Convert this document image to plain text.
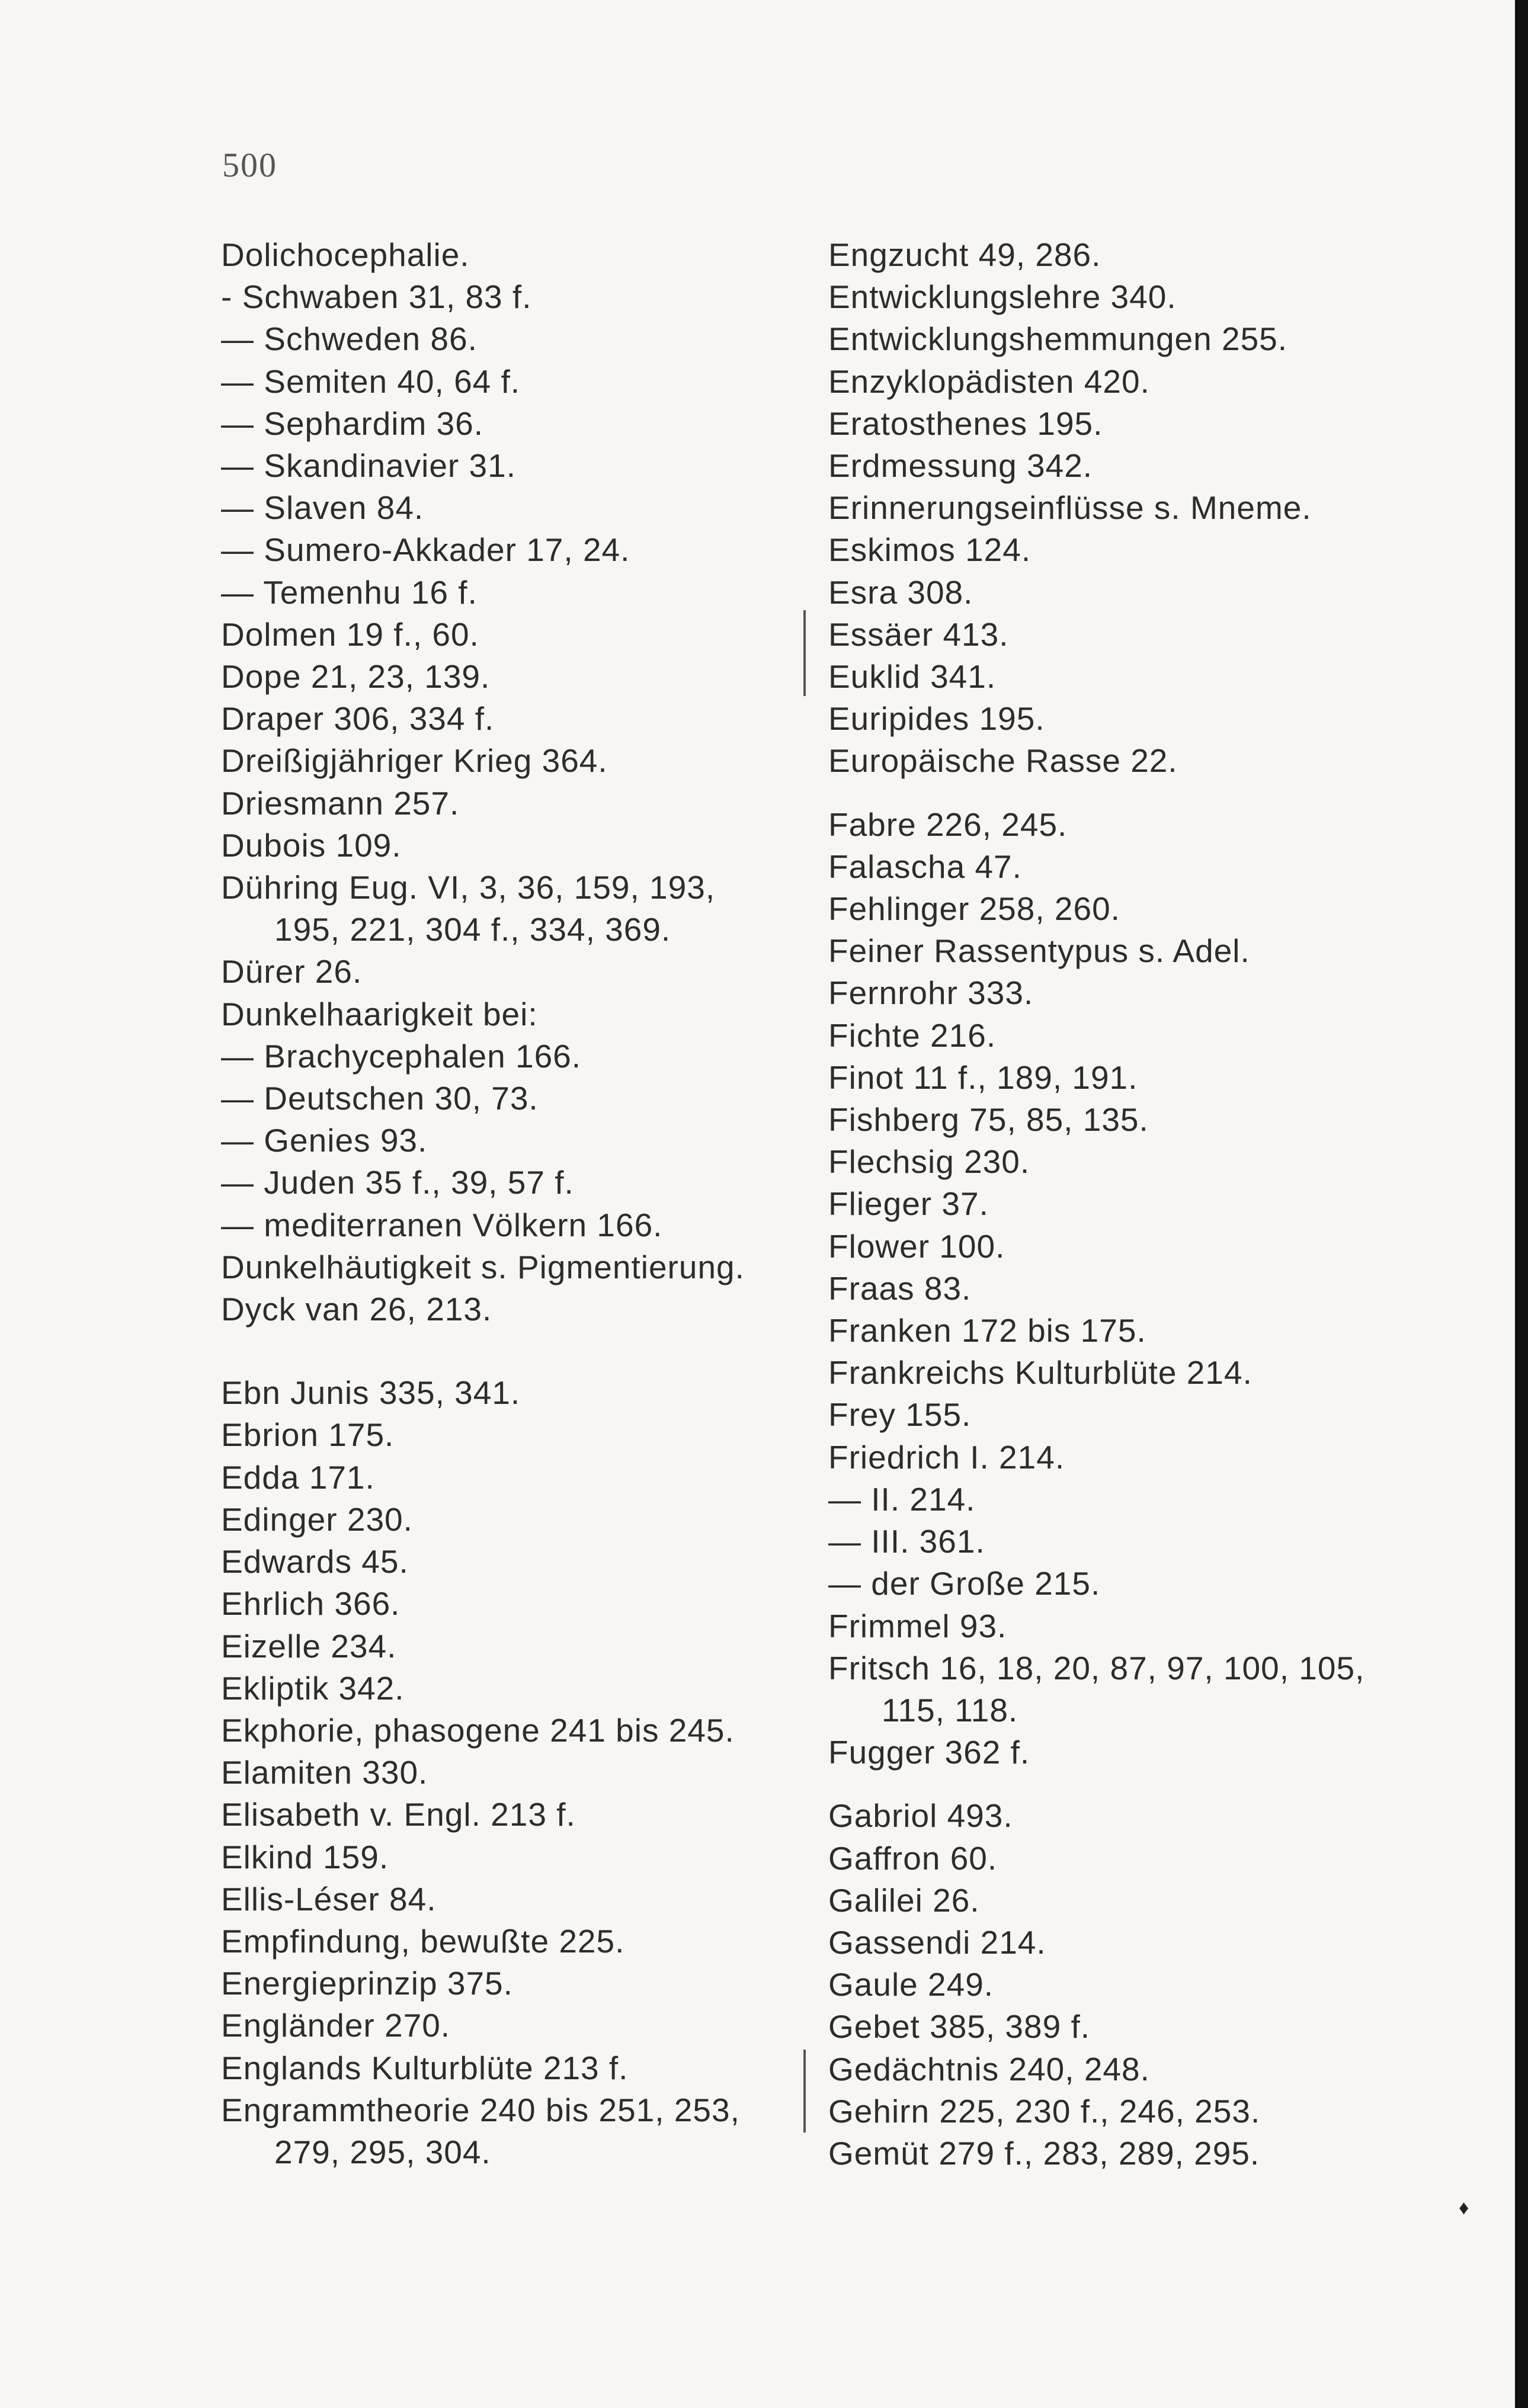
500
Dolichocephalie.
- Schwaben 31, 83 f.
— Schweden 86.
— Semiten 40, 64 f.
— Sephardim 36.
— Skandinavier 31.
— Slaven 84.
— Sumero-Akkader 17, 24.
— Temenhu 16 f.
Dolmen 19 f., 60.
Dope 21, 23, 139.
Draper 306, 334 f.
Dreißigjähriger Krieg 364.
Driesmann 257.
Dubois 109.
Dühring Eug. VI, 3, 36, 159, 193,
195, 221, 304 f., 334, 369.
Dürer 26.
Dunkelhaarigkeit bei:
— Brachycephalen 166.
— Deutschen 30, 73.
— Genies 93.
— Juden 35 f., 39, 57 f.
— mediterranen Völkern 166.
Dunkelhäutigkeit s. Pigmentierung.
Dyck van 26, 213.
Ebn Junis 335, 341.
Ebrion 175.
Edda 171.
Edinger 230.
Edwards 45.
Ehrlich 366.
Eizelle 234.
Ekliptik 342.
Ekphorie, phasogene 241 bis 245.
Elamiten 330.
Elisabeth v. Engl. 213 f.
Elkind 159.
Ellis-Léser 84.
Empfindung, bewußte 225.
Energieprinzip 375.
Engländer 270.
Englands Kulturblüte 213 f.
Engrammtheorie 240 bis 251, 253,
279, 295, 304.
Engzucht 49, 286.
Entwicklungslehre 340.
Entwicklungshemmungen 255.
Enzyklopädisten 420.
Eratosthenes 195.
Erdmessung 342.
Erinnerungseinflüsse s. Mneme.
Eskimos 124.
Esra 308.
Essäer 413.
Euklid 341.
Euripides 195.
Europäische Rasse 22.
Fabre 226, 245.
Falascha 47.
Fehlinger 258, 260.
Feiner Rassentypus s. Adel.
Fernrohr 333.
Fichte 216.
Finot 11 f., 189, 191.
Fishberg 75, 85, 135.
Flechsig 230.
Flieger 37.
Flower 100.
Fraas 83.
Franken 172 bis 175.
Frankreichs Kulturblüte 214.
Frey 155.
Friedrich I. 214.
— II. 214.
— III. 361.
— der Große 215.
Frimmel 93.
Fritsch 16, 18, 20, 87, 97, 100, 105,
115, 118.
Fugger 362 f.
Gabriol 493.
Gaffron 60.
Galilei 26.
Gassendi 214.
Gaule 249.
Gebet 385, 389 f.
Gedächtnis 240, 248.
Gehirn 225, 230 f., 246, 253.
Gemüt 279 f., 283, 289, 295.
♦
